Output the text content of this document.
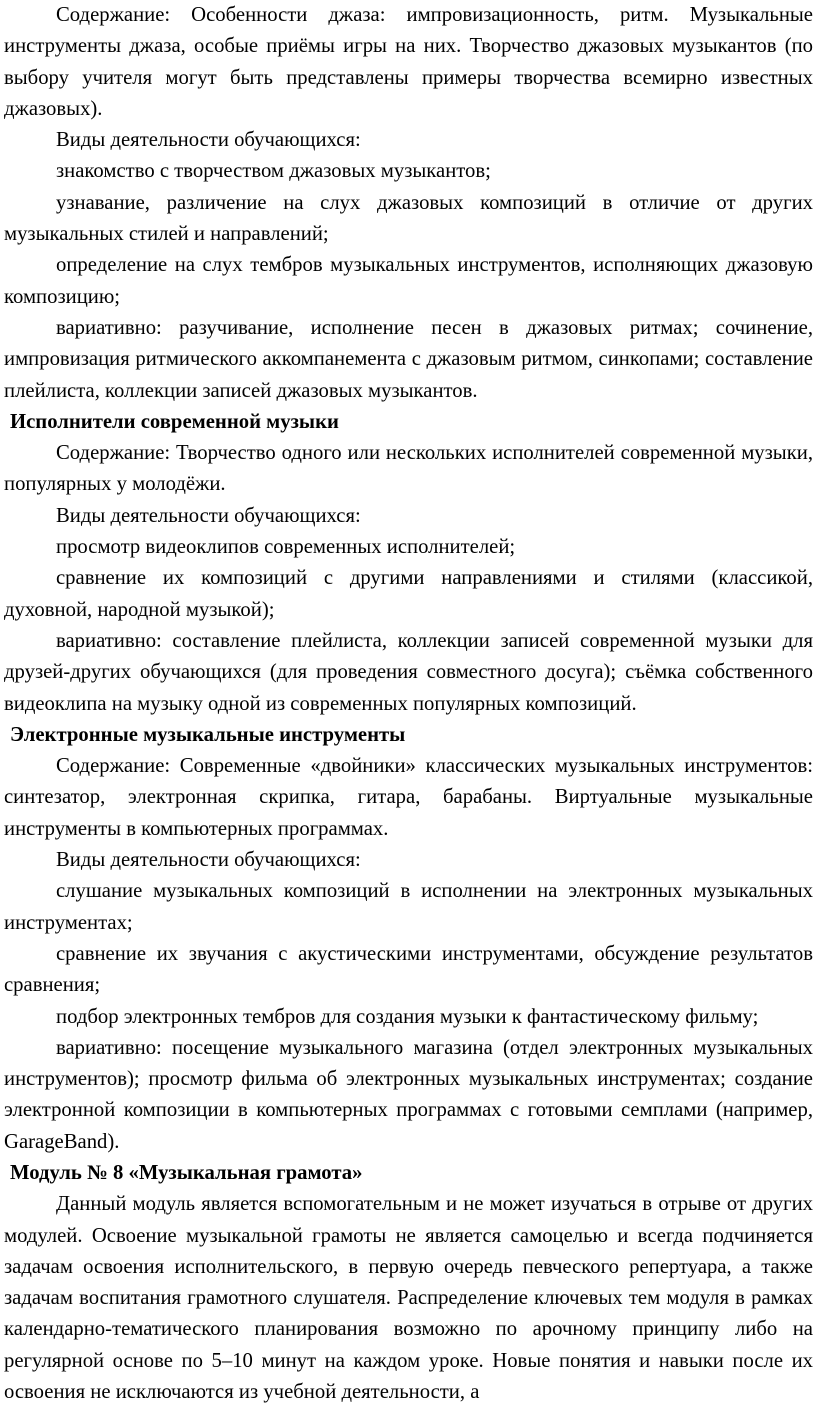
Содержание: Особенности джаза: импровизационность, ритм. Музыкальные инструменты джаза, особые приёмы игры на них. Творчество джазовых музыкантов (по выбору учителя могут быть представлены примеры творчества всемирно известных джазовых).

Виды деятельности обучающихся:

знакомство с творчеством джазовых музыкантов;

узнавание, различение на слух джазовых композиций в отличие от других музыкальных стилей и направлений;

определение на слух тембров музыкальных инструментов, исполняющих джазовую композицию;

вариативно: разучивание, исполнение песен в джазовых ритмах; сочинение, импровизация ритмического аккомпанемента с джазовым ритмом, синкопами; составление плейлиста, коллекции записей джазовых музыкантов.

Исполнители современной музыки

Содержание: Творчество одного или нескольких исполнителей современной музыки, популярных у молодёжи.

Виды деятельности обучающихся:

просмотр видеоклипов современных исполнителей;

сравнение их композиций с другими направлениями и стилями (классикой, духовной, народной музыкой);

вариативно: составление плейлиста, коллекции записей современной музыки для друзей-других обучающихся (для проведения совместного досуга); съёмка собственного видеоклипа на музыку одной из современных популярных композиций.

Электронные музыкальные инструменты

Содержание: Современные «двойники» классических музыкальных инструментов: синтезатор, электронная скрипка, гитара, барабаны. Виртуальные музыкальные инструменты в компьютерных программах.

Виды деятельности обучающихся:

слушание музыкальных композиций в исполнении на электронных музыкальных инструментах;

сравнение их звучания с акустическими инструментами, обсуждение результатов сравнения;

подбор электронных тембров для создания музыки к фантастическому фильму;

вариативно: посещение музыкального магазина (отдел электронных музыкальных инструментов); просмотр фильма об электронных музыкальных инструментах; создание электронной композиции в компьютерных программах с готовыми семплами (например, GarageBand).

Модуль № 8 «Музыкальная грамота»

Данный модуль является вспомогательным и не может изучаться в отрыве от других модулей. Освоение музыкальной грамоты не является самоцелью и всегда подчиняется задачам освоения исполнительского, в первую очередь певческого репертуара, а также задачам воспитания грамотного слушателя. Распределение ключевых тем модуля в рамках календарно-тематического планирования возможно по арочному принципу либо на регулярной основе по 5–10 минут на каждом уроке. Новые понятия и навыки после их освоения не исключаются из учебной деятельности, а
